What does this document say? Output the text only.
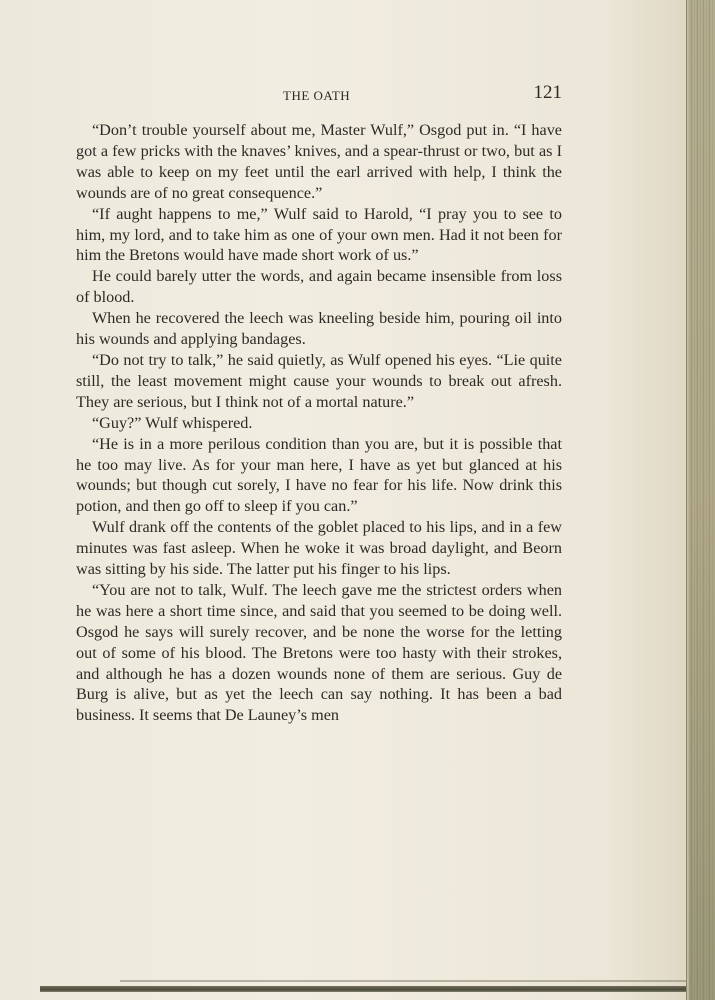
THE OATH	121

“Don’t trouble yourself about me, Master Wulf,” Osgod put in. “I have got a few pricks with the knaves’ knives, and a spear-thrust or two, but as I was able to keep on my feet until the earl arrived with help, I think the wounds are of no great consequence.”

“If aught happens to me,” Wulf said to Harold, “I pray you to see to him, my lord, and to take him as one of your own men. Had it not been for him the Bretons would have made short work of us.”

He could barely utter the words, and again became insensible from loss of blood.

When he recovered the leech was kneeling beside him, pouring oil into his wounds and applying bandages.

“Do not try to talk,” he said quietly, as Wulf opened his eyes. “Lie quite still, the least movement might cause your wounds to break out afresh. They are serious, but I think not of a mortal nature.”

“Guy?” Wulf whispered.

“He is in a more perilous condition than you are, but it is possible that he too may live. As for your man here, I have as yet but glanced at his wounds; but though cut sorely, I have no fear for his life. Now drink this potion, and then go off to sleep if you can.”

Wulf drank off the contents of the goblet placed to his lips, and in a few minutes was fast asleep. When he woke it was broad daylight, and Beorn was sitting by his side. The latter put his finger to his lips.

“You are not to talk, Wulf. The leech gave me the strictest orders when he was here a short time since, and said that you seemed to be doing well. Osgod he says will surely recover, and be none the worse for the letting out of some of his blood. The Bretons were too hasty with their strokes, and although he has a dozen wounds none of them are serious. Guy de Burg is alive, but as yet the leech can say nothing. It has been a bad business. It seems that De Launey’s men
